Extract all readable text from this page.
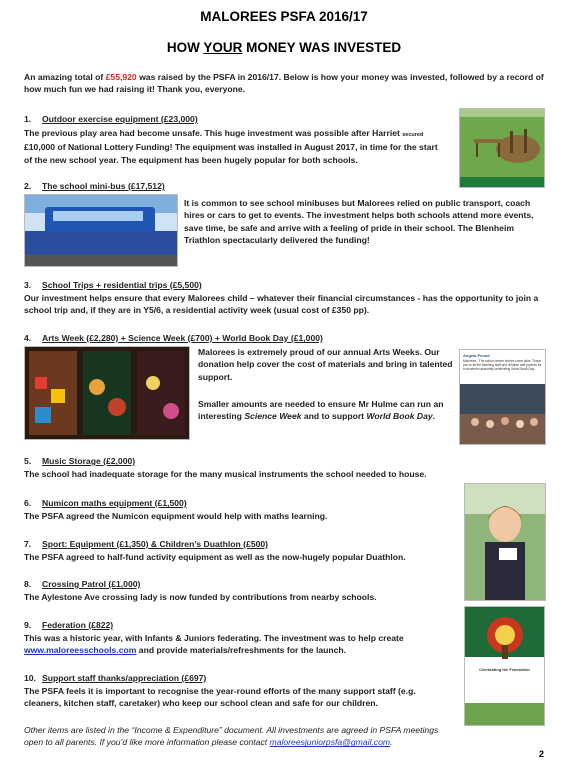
MALOREES PSFA 2016/17
HOW YOUR MONEY WAS INVESTED
An amazing total of £55,920 was raised by the PSFA in 2016/17. Below is how your money was invested, followed by a record of how much fun we had raising it! Thank you, everyone.
1. Outdoor exercise equipment (£23,000)
The previous play area had become unsafe. This huge investment was possible after Harriet secured £10,000 of National Lottery Funding! The equipment was installed in August 2017, in time for the start of the new school year. The equipment has been hugely popular for both schools.
2. The school mini-bus (£17,512)
It is common to see school minibuses but Malorees relied on public transport, coach hires or cars to get to events. The investment helps both schools attend more events, save time, be safe and arrive with a feeling of pride in their school. The Blenheim Triathlon spectacularly delivered the funding!
3. School Trips + residential trips (£5,500)
Our investment helps ensure that every Malorees child – whatever their financial circumstances - has the opportunity to join a school trip and, if they are in Y5/6, a residential activity week (usual cost of £350 pp).
4. Arts Week (£2,280) + Science Week (£700) + World Book Day (£1,000)
Malorees is extremely proud of our annual Arts Weeks. Our donation help cover the cost of materials and bring in talented support.
Smaller amounts are needed to ensure Mr Hulme can run an interesting Science Week and to support World Book Day.
Angela Peund
Malorees - The school where stories come alive. Thank you to all the teaching staff and children and parents for a wonderful assembly celebrating World Book Day
5. Music Storage (£2,000)
The school had inadequate storage for the many musical instruments the school needed to house.
6. Numicon maths equipment (£1,500)
The PSFA agreed the Numicon equipment would help with maths learning.
7. Sport: Equipment (£1,350) & Children’s Duathlon (£500)
The PSFA agreed to half-fund activity equipment as well as the now-hugely popular Duathlon.
8. Crossing Patrol (£1,000)
The Aylestone Ave crossing lady is now funded by contributions from nearby schools.
9. Federation (£822)
This was a historic year, with Infants & Juniors federating. The investment was to help create www.maloreesschools.com and provide materials/refreshments for the launch.
Celebrating the Federation
10. Support staff thanks/appreciation (£697)
The PSFA feels it is important to recognise the year-round efforts of the many support staff (e.g. cleaners, kitchen staff, caretaker) who keep our school clean and safe for our children.
Other items are listed in the “Income & Expenditure” document. All investments are agreed in PSFA meetings open to all parents. If you’d like more information please contact maloreesjuniorpsfa@gmail.com.
2
